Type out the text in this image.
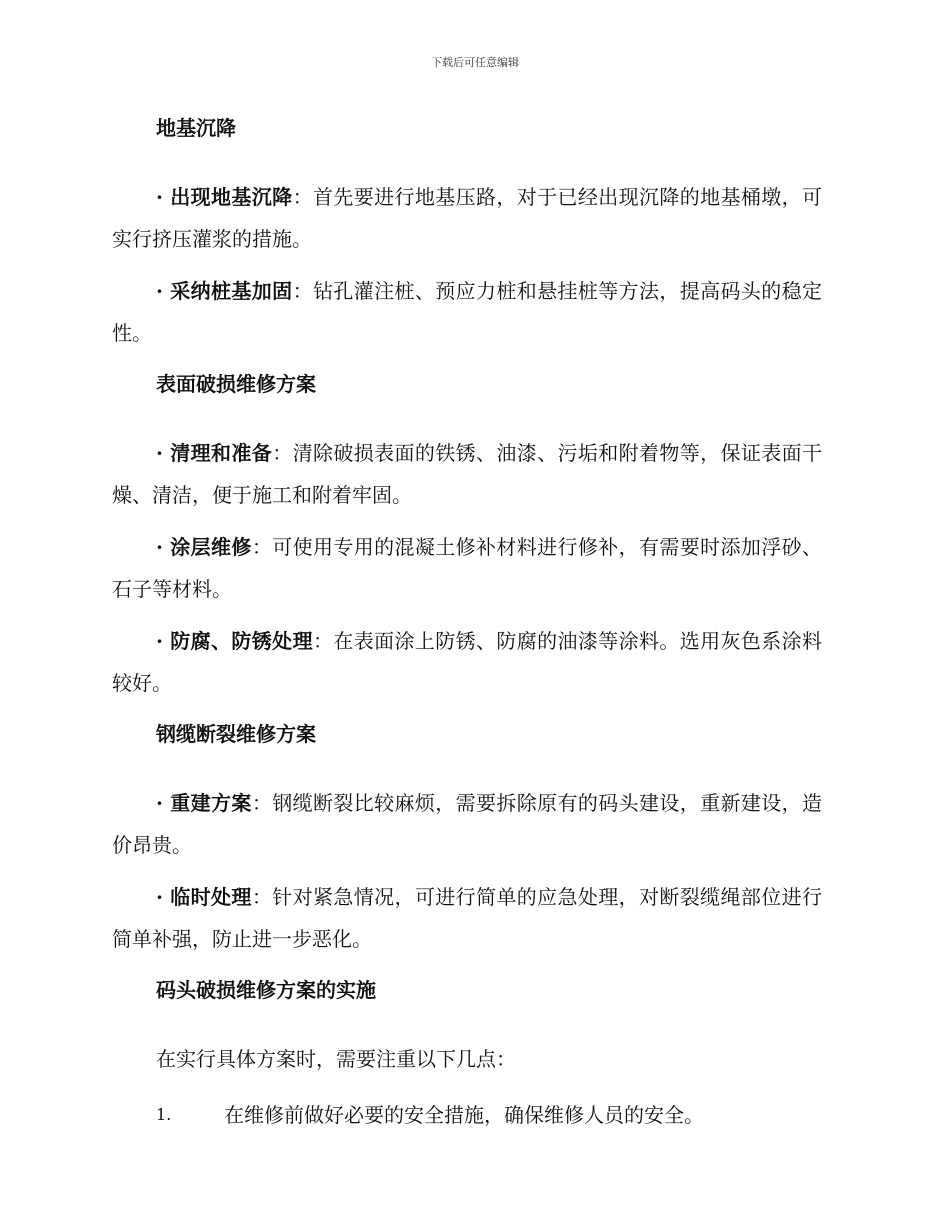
下载后可任意编辑
地基沉降

· 出现地基沉降：首先要进行地基压路，对于已经出现沉降的地基桶墩，可实行挤压灌浆的措施。

· 采纳桩基加固：钻孔灌注桩、预应力桩和悬挂桩等方法，提高码头的稳定性。

表面破损维修方案

· 清理和准备：清除破损表面的铁锈、油漆、污垢和附着物等，保证表面干燥、清洁，便于施工和附着牢固。

· 涂层维修：可使用专用的混凝土修补材料进行修补，有需要时添加浮砂、石子等材料。

· 防腐、防锈处理：在表面涂上防锈、防腐的油漆等涂料。选用灰色系涂料较好。

钢缆断裂维修方案

· 重建方案：钢缆断裂比较麻烦，需要拆除原有的码头建设，重新建设，造价昂贵。

· 临时处理：针对紧急情况，可进行简单的应急处理，对断裂缆绳部位进行简单补强，防止进一步恶化。

码头破损维修方案的实施

在实行具体方案时，需要注重以下几点：

1.	在维修前做好必要的安全措施，确保维修人员的安全。
